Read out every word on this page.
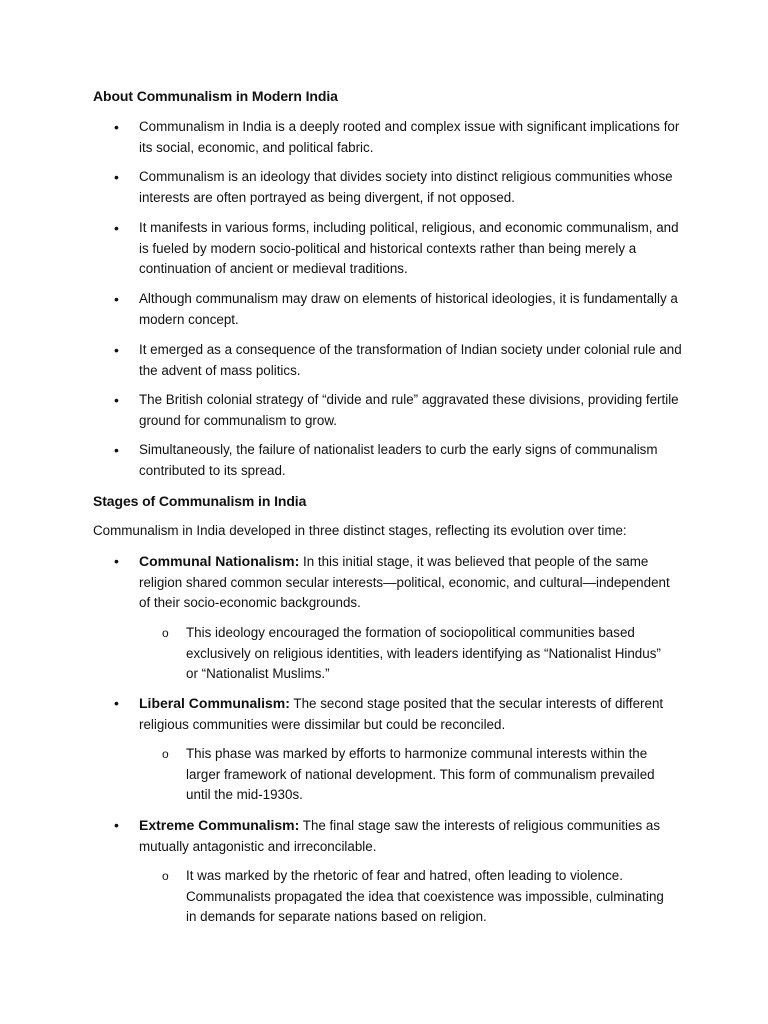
About Communalism in Modern India
• Communalism in India is a deeply rooted and complex issue with significant implications for its social, economic, and political fabric.

• Communalism is an ideology that divides society into distinct religious communities whose interests are often portrayed as being divergent, if not opposed.

• It manifests in various forms, including political, religious, and economic communalism, and is fueled by modern socio-political and historical contexts rather than being merely a continuation of ancient or medieval traditions.

• Although communalism may draw on elements of historical ideologies, it is fundamentally a modern concept.

• It emerged as a consequence of the transformation of Indian society under colonial rule and the advent of mass politics.

• The British colonial strategy of “divide and rule” aggravated these divisions, providing fertile ground for communalism to grow.

• Simultaneously, the failure of nationalist leaders to curb the early signs of communalism contributed to its spread.

Stages of Communalism in India

Communalism in India developed in three distinct stages, reflecting its evolution over time:

• Communal Nationalism: In this initial stage, it was believed that people of the same religion shared common secular interests—political, economic, and cultural—independent of their socio-economic backgrounds.

o This ideology encouraged the formation of sociopolitical communities based exclusively on religious identities, with leaders identifying as “Nationalist Hindus” or “Nationalist Muslims.”

• Liberal Communalism: The second stage posited that the secular interests of different religious communities were dissimilar but could be reconciled.

o This phase was marked by efforts to harmonize communal interests within the larger framework of national development. This form of communalism prevailed until the mid-1930s.

• Extreme Communalism: The final stage saw the interests of religious communities as mutually antagonistic and irreconcilable.

o It was marked by the rhetoric of fear and hatred, often leading to violence. Communalists propagated the idea that coexistence was impossible, culminating in demands for separate nations based on religion.
